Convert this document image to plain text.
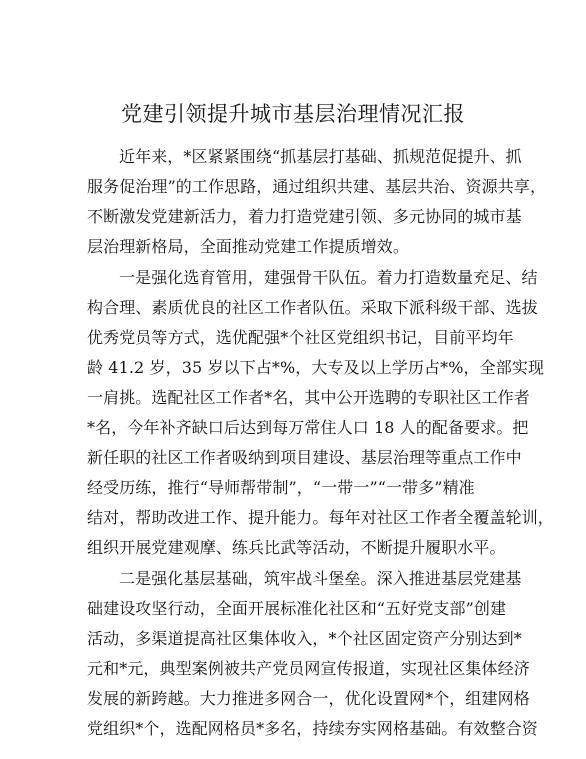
党建引领提升城市基层治理情况汇报
近年来，*区紧紧围绕“抓基层打基础、抓规范促提升、抓
服务促治理”的工作思路，通过组织共建、基层共治、资源共享，
不断激发党建新活力，着力打造党建引领、多元协同的城市基
层治理新格局，全面推动党建工作提质增效。
一是强化选育管用，建强骨干队伍。着力打造数量充足、结
构合理、素质优良的社区工作者队伍。采取下派科级干部、选拔
优秀党员等方式，选优配强*个社区党组织书记，目前平均年
龄 41.2 岁，35 岁以下占*%，大专及以上学历占*%，全部实现
一肩挑。选配社区工作者*名，其中公开选聘的专职社区工作者
*名，今年补齐缺口后达到每万常住人口 18 人的配备要求。把
新任职的社区工作者吸纳到项目建设、基层治理等重点工作中
经受历练，推行“导师帮带制”，“一带一”“一带多”精准
结对，帮助改进工作、提升能力。每年对社区工作者全覆盖轮训，
组织开展党建观摩、练兵比武等活动，不断提升履职水平。
二是强化基层基础，筑牢战斗堡垒。深入推进基层党建基
础建设攻坚行动，全面开展标准化社区和“五好党支部”创建
活动，多渠道提高社区集体收入，*个社区固定资产分别达到*
元和*元，典型案例被共产党员网宣传报道，实现社区集体经济
发展的新跨越。大力推进多网合一，优化设置网*个，组建网格
党组织*个，选配网格员*多名，持续夯实网格基础。有效整合资
